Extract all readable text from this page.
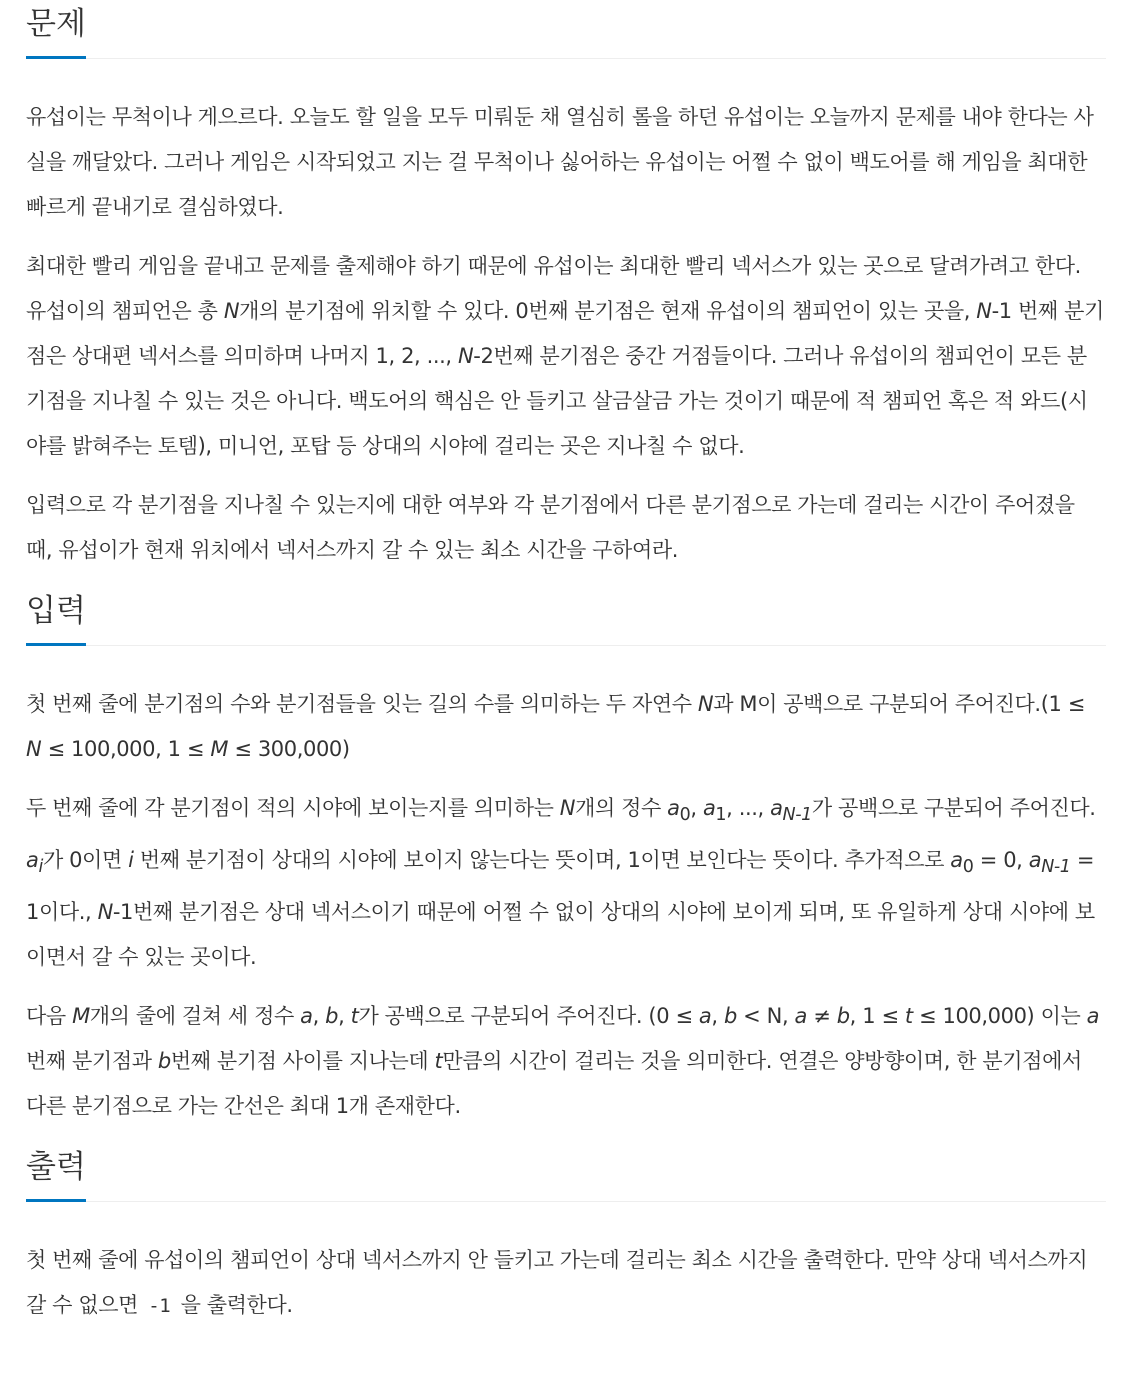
문제

유섭이는 무척이나 게으르다. 오늘도 할 일을 모두 미뤄둔 채 열심히 롤을 하던 유섭이는 오늘까지 문제를 내야 한다는 사실을 깨달았다. 그러나 게임은 시작되었고 지는 걸 무척이나 싫어하는 유섭이는 어쩔 수 없이 백도어를 해 게임을 최대한 빠르게 끝내기로 결심하였다.

최대한 빨리 게임을 끝내고 문제를 출제해야 하기 때문에 유섭이는 최대한 빨리 넥서스가 있는 곳으로 달려가려고 한다. 유섭이의 챔피언은 총 N개의 분기점에 위치할 수 있다. 0번째 분기점은 현재 유섭이의 챔피언이 있는 곳을, N-1 번째 분기점은 상대편 넥서스를 의미하며 나머지 1, 2, ..., N-2번째 분기점은 중간 거점들이다. 그러나 유섭이의 챔피언이 모든 분기점을 지나칠 수 있는 것은 아니다. 백도어의 핵심은 안 들키고 살금살금 가는 것이기 때문에 적 챔피언 혹은 적 와드(시야를 밝혀주는 토템), 미니언, 포탑 등 상대의 시야에 걸리는 곳은 지나칠 수 없다.

입력으로 각 분기점을 지나칠 수 있는지에 대한 여부와 각 분기점에서 다른 분기점으로 가는데 걸리는 시간이 주어졌을 때, 유섭이가 현재 위치에서 넥서스까지 갈 수 있는 최소 시간을 구하여라.

입력

첫 번째 줄에 분기점의 수와 분기점들을 잇는 길의 수를 의미하는 두 자연수 N과 M이 공백으로 구분되어 주어진다.(1 ≤ N ≤ 100,000, 1 ≤ M ≤ 300,000)

두 번째 줄에 각 분기점이 적의 시야에 보이는지를 의미하는 N개의 정수 $a_0$, $a_1$, ..., $a_{N-1}$가 공백으로 구분되어 주어진다. $a_i$가 0이면 i 번째 분기점이 상대의 시야에 보이지 않는다는 뜻이며, 1이면 보인다는 뜻이다. 추가적으로 $a_0 = 0$, $a_{N-1} = 1$이다., N-1번째 분기점은 상대 넥서스이기 때문에 어쩔 수 없이 상대의 시야에 보이게 되며, 또 유일하게 상대 시야에 보이면서 갈 수 있는 곳이다.

다음 M개의 줄에 걸쳐 세 정수 a, b, t가 공백으로 구분되어 주어진다. (0 ≤ a, b < N, a ≠ b, 1 ≤ t ≤ 100,000) 이는 a번째 분기점과 b번째 분기점 사이를 지나는데 t만큼의 시간이 걸리는 것을 의미한다. 연결은 양방향이며, 한 분기점에서 다른 분기점으로 가는 간선은 최대 1개 존재한다.

출력

첫 번째 줄에 유섭이의 챔피언이 상대 넥서스까지 안 들키고 가는데 걸리는 최소 시간을 출력한다. 만약 상대 넥서스까지 갈 수 없으면 -1 을 출력한다.
